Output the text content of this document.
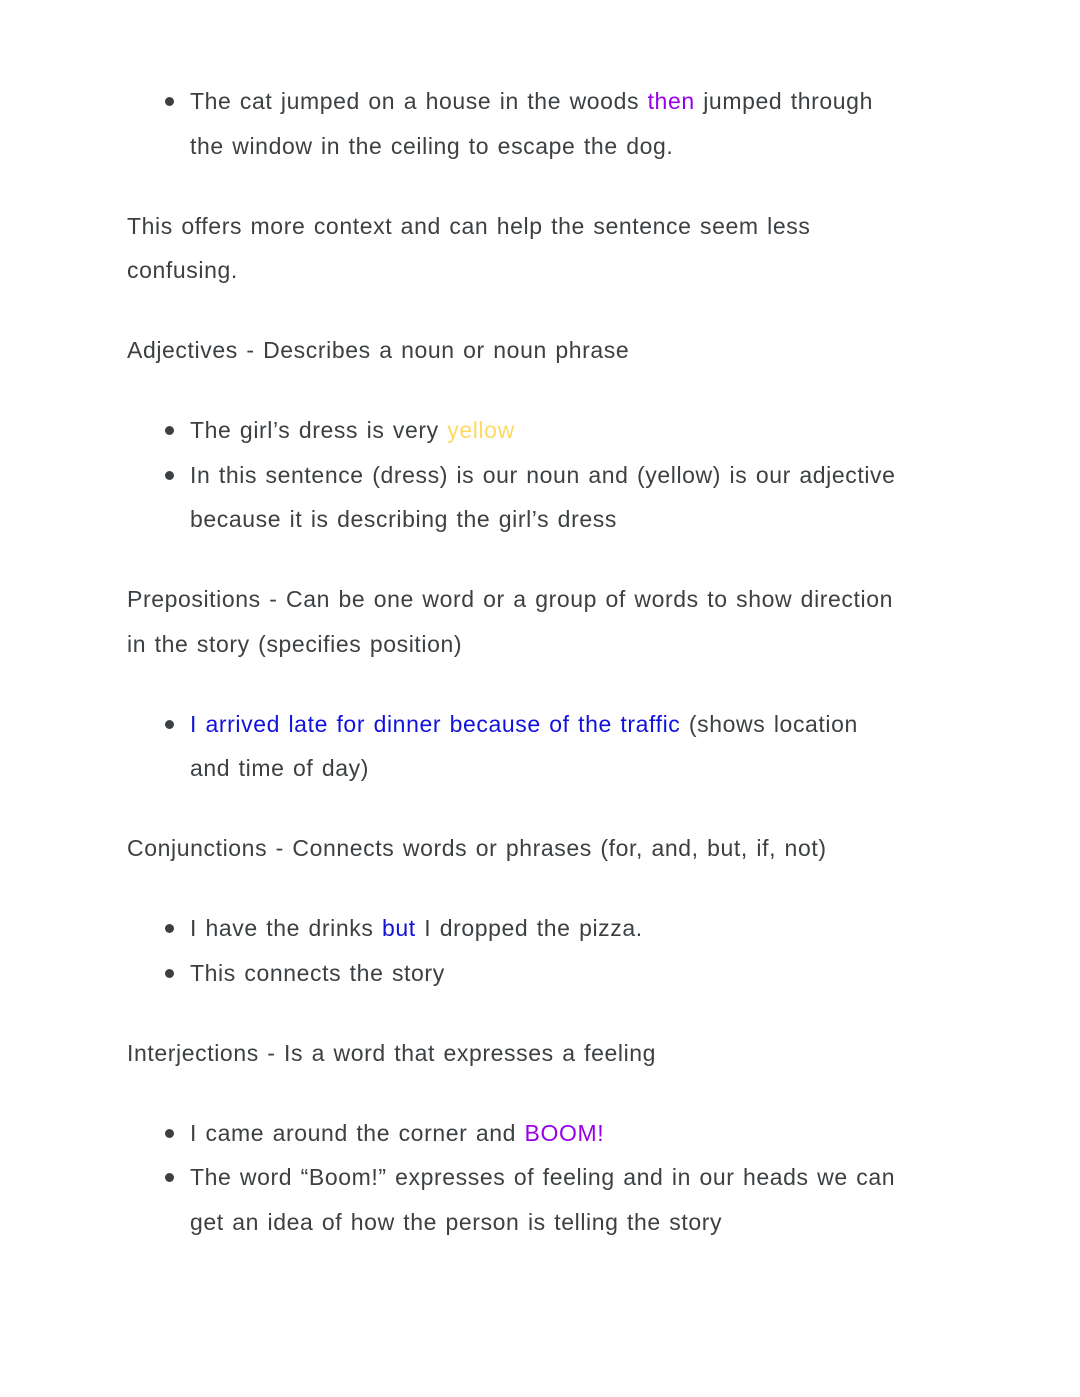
The cat jumped on a house in the woods then jumped through
the window in the ceiling to escape the dog.
This offers more context and can help the sentence seem less
confusing.
Adjectives - Describes a noun or noun phrase
The girl’s dress is very yellow
In this sentence (dress) is our noun and (yellow) is our adjective
because it is describing the girl’s dress
Prepositions - Can be one word or a group of words to show direction
in the story (specifies position)
I arrived late for dinner because of the traffic (shows location
and time of day)
Conjunctions - Connects words or phrases (for, and, but, if, not)
I have the drinks but I dropped the pizza.
This connects the story
Interjections - Is a word that expresses a feeling
I came around the corner and BOOM!
The word “Boom!” expresses of feeling and in our heads we can
get an idea of how the person is telling the story
